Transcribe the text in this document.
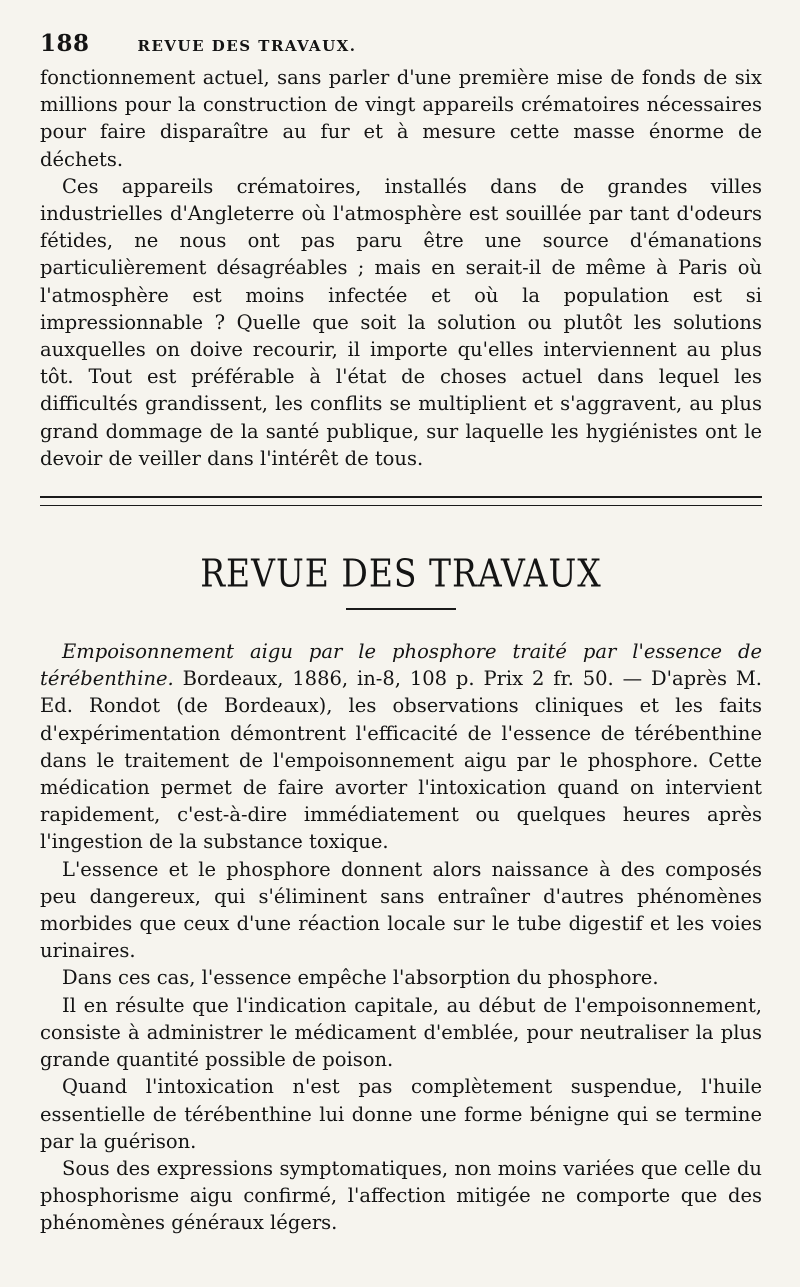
188	REVUE DES TRAVAUX.

fonctionnement actuel, sans parler d'une première mise de fonds de six millions pour la construction de vingt appareils crématoires nécessaires pour faire disparaître au fur et à mesure cette masse énorme de déchets.

Ces appareils crématoires, installés dans de grandes villes industrielles d'Angleterre où l'atmosphère est souillée par tant d'odeurs fétides, ne nous ont pas paru être une source d'émanations particulièrement désagréables ; mais en serait-il de même à Paris où l'atmosphère est moins infectée et où la population est si impressionnable ? Quelle que soit la solution ou plutôt les solutions auxquelles on doive recourir, il importe qu'elles interviennent au plus tôt. Tout est préférable à l'état de choses actuel dans lequel les difficultés grandissent, les conflits se multiplient et s'aggravent, au plus grand dommage de la santé publique, sur laquelle les hygiénistes ont le devoir de veiller dans l'intérêt de tous.

REVUE DES TRAVAUX

Empoisonnement aigu par le phosphore traité par l'essence de térébenthine. Bordeaux, 1886, in-8, 108 p. Prix 2 fr. 50. — D'après M. Ed. Rondot (de Bordeaux), les observations cliniques et les faits d'expérimentation démontrent l'efficacité de l'essence de térébenthine dans le traitement de l'empoisonnement aigu par le phosphore. Cette médication permet de faire avorter l'intoxication quand on intervient rapidement, c'est-à-dire immédiatement ou quelques heures après l'ingestion de la substance toxique.

L'essence et le phosphore donnent alors naissance à des composés peu dangereux, qui s'éliminent sans entraîner d'autres phénomènes morbides que ceux d'une réaction locale sur le tube digestif et les voies urinaires.

Dans ces cas, l'essence empêche l'absorption du phosphore.

Il en résulte que l'indication capitale, au début de l'empoisonnement, consiste à administrer le médicament d'emblée, pour neutraliser la plus grande quantité possible de poison.

Quand l'intoxication n'est pas complètement suspendue, l'huile essentielle de térébenthine lui donne une forme bénigne qui se termine par la guérison.

Sous des expressions symptomatiques, non moins variées que celle du phosphorisme aigu confirmé, l'affection mitigée ne comporte que des phénomènes généraux légers.
